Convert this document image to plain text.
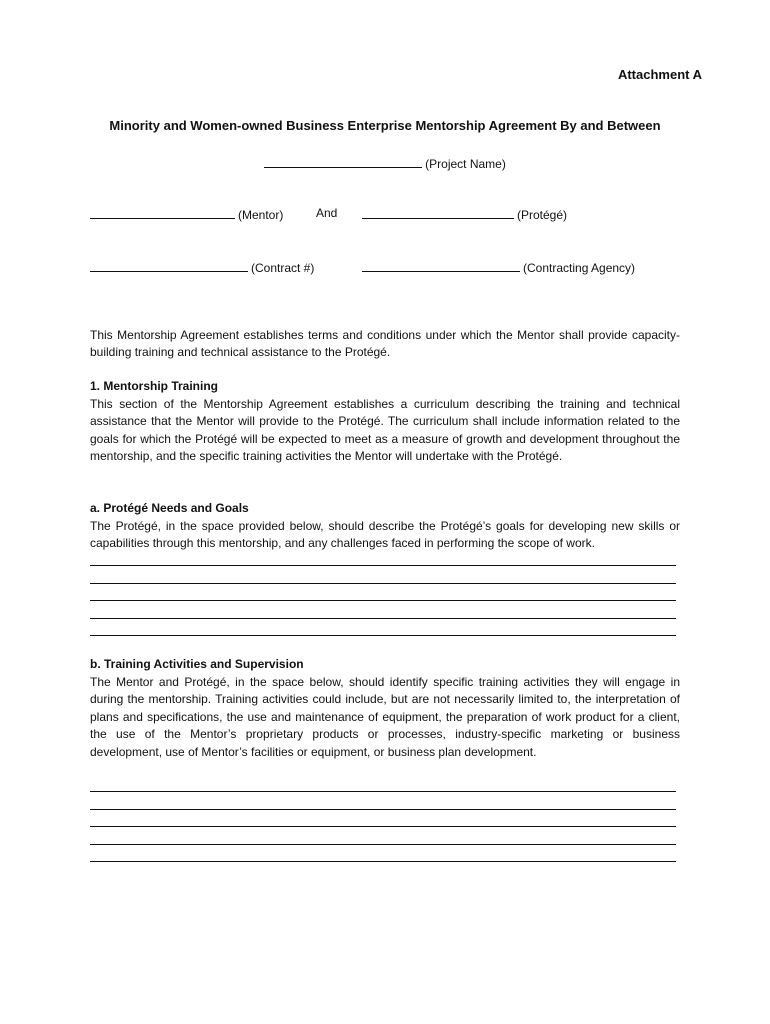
Attachment A
Minority and Women-owned Business Enterprise Mentorship Agreement By and Between
(Project Name)
(Mentor)	And	(Protégé)
(Contract #)	(Contracting Agency)
This Mentorship Agreement establishes terms and conditions under which the Mentor shall provide capacity-building training and technical assistance to the Protégé.
1. Mentorship Training
This section of the Mentorship Agreement establishes a curriculum describing the training and technical assistance that the Mentor will provide to the Protégé. The curriculum shall include information related to the goals for which the Protégé will be expected to meet as a measure of growth and development throughout the mentorship, and the specific training activities the Mentor will undertake with the Protégé.
a. Protégé Needs and Goals
The Protégé, in the space provided below, should describe the Protégé’s goals for developing new skills or capabilities through this mentorship, and any challenges faced in performing the scope of work.
b. Training Activities and Supervision
The Mentor and Protégé, in the space below, should identify specific training activities they will engage in during the mentorship. Training activities could include, but are not necessarily limited to, the interpretation of plans and specifications, the use and maintenance of equipment, the preparation of work product for a client, the use of the Mentor’s proprietary products or processes, industry-specific marketing or business development, use of Mentor’s facilities or equipment, or business plan development.
